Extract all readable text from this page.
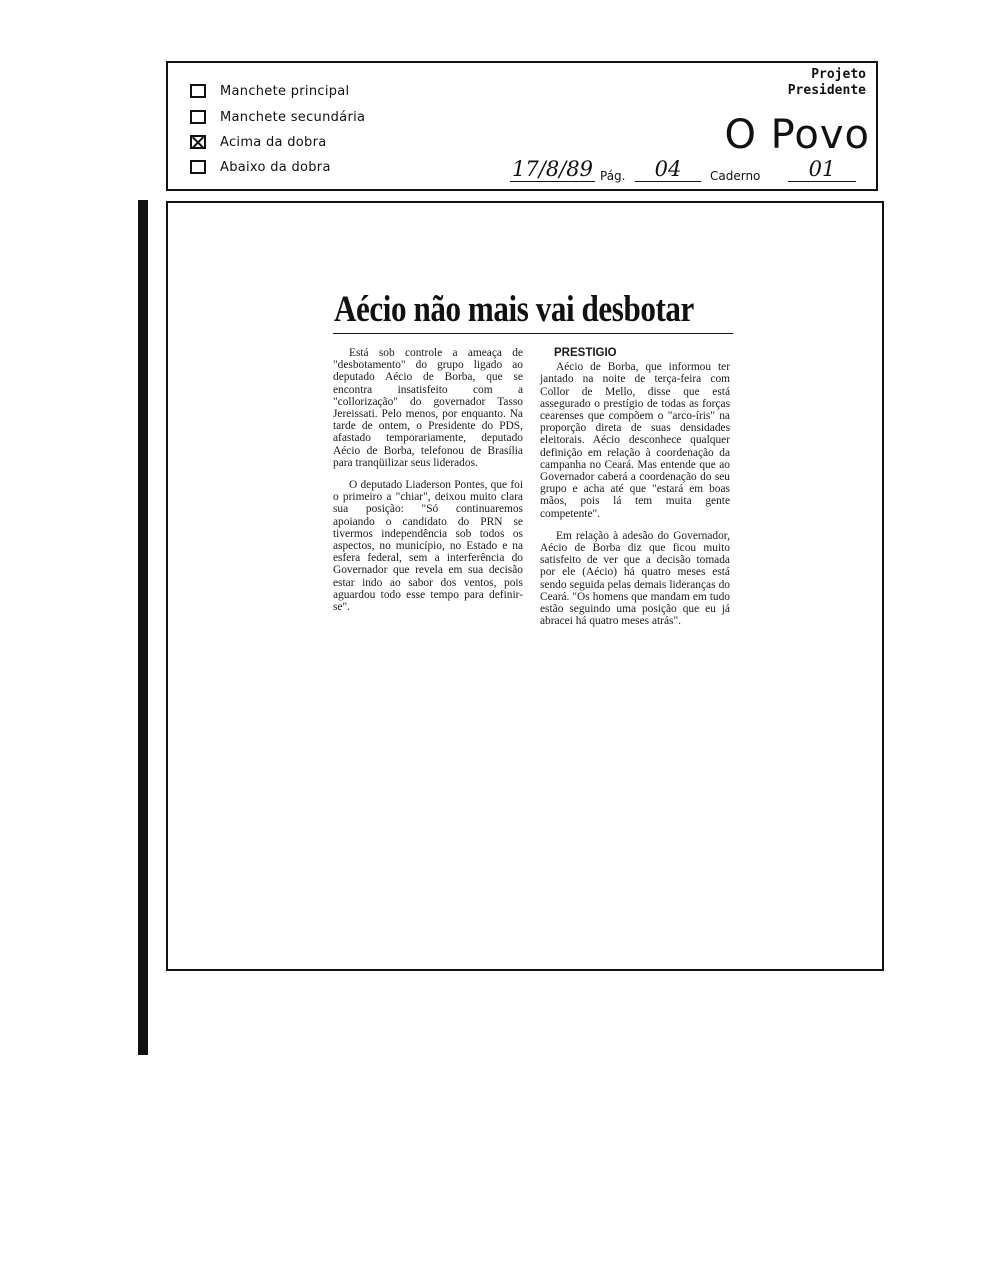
Manchete principal
Manchete secundária
Acima da dobra
Abaixo da dobra
Projeto
Presidente
O Povo
17/8/89 Pág.	04	Caderno	01
Aécio não mais vai desbotar

Está sob controle a ameaça de "desbotamento" do grupo ligado ao deputado Aécio de Borba, que se encontra insatisfeito com a "collorização" do governador Tasso Jereissati. Pelo menos, por enquanto. Na tarde de ontem, o Presidente do PDS, afastado temporariamente, deputado Aécio de Borba, telefonou de Brasília para tranqüilizar seus liderados.

O deputado Liaderson Pontes, que foi o primeiro a "chiar", deixou muito clara sua posição: "Só continuaremos apoiando o candidato do PRN se tivermos independência sob todos os aspectos, no município, no Estado e na esfera federal, sem a interferência do Governador que revela em sua decisão estar indo ao sabor dos ventos, pois aguardou todo esse tempo para definir-se".

PRESTIGIO

Aécio de Borba, que informou ter jantado na noite de terça-feira com Collor de Mello, disse que está assegurado o prestígio de todas as forças cearenses que compõem o "arco-íris" na proporção direta de suas densidades eleitorais. Aécio desconhece qualquer definição em relação à coordenação da campanha no Ceará. Mas entende que ao Governador caberá a coordenação do seu grupo e acha até que "estará em boas mãos, pois lá tem muita gente competente".

Em relação à adesão do Governador, Aécio de Borba diz que ficou muito satisfeito de ver que a decisão tomada por ele (Aécio) há quatro meses está sendo seguida pelas demais lideranças do Ceará. "Os homens que mandam em tudo estão seguindo uma posição que eu já abracei há quatro meses atrás".
